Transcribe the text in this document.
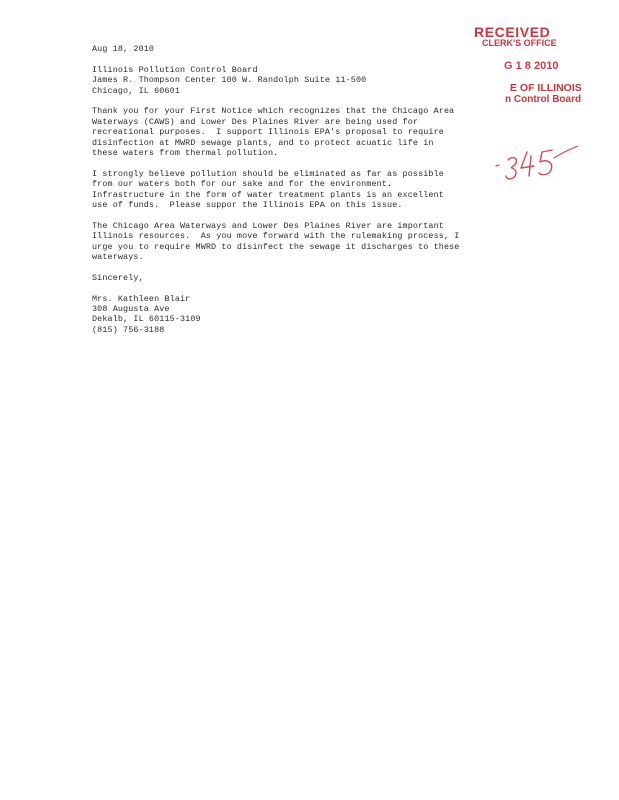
RECEIVED
CLERK'S OFFICE
G 1 8 2010
E OF ILLINOIS
n Control Board
Aug 18, 2010
Illinois Pollution Control Board
James R. Thompson Center 100 W. Randolph Suite 11-500
Chicago, IL 60601
Thank you for your First Notice which recognizes that the Chicago Area
Waterways (CAWS) and Lower Des Plaines River are being used for
recreational purposes.  I support Illinois EPA's proposal to require
disinfection at MWRD sewage plants, and to protect acuatic life in
these waters from thermal pollution.
I strongly believe pollution should be eliminated as far as possible
from our waters both for our sake and for the environment.
Infrastructure in the form of water treatment plants is an excellent
use of funds.  Please suppor the Illinois EPA on this issue.
The Chicago Area Waterways and Lower Des Plaines River are important
Illinois resources.  As you move forward with the rulemaking process, I
urge you to require MWRD to disinfect the sewage it discharges to these
waterways.
Sincerely,
Mrs. Kathleen Blair
308 Augusta Ave
Dekalb, IL 60115-3109
(815) 756-3188
